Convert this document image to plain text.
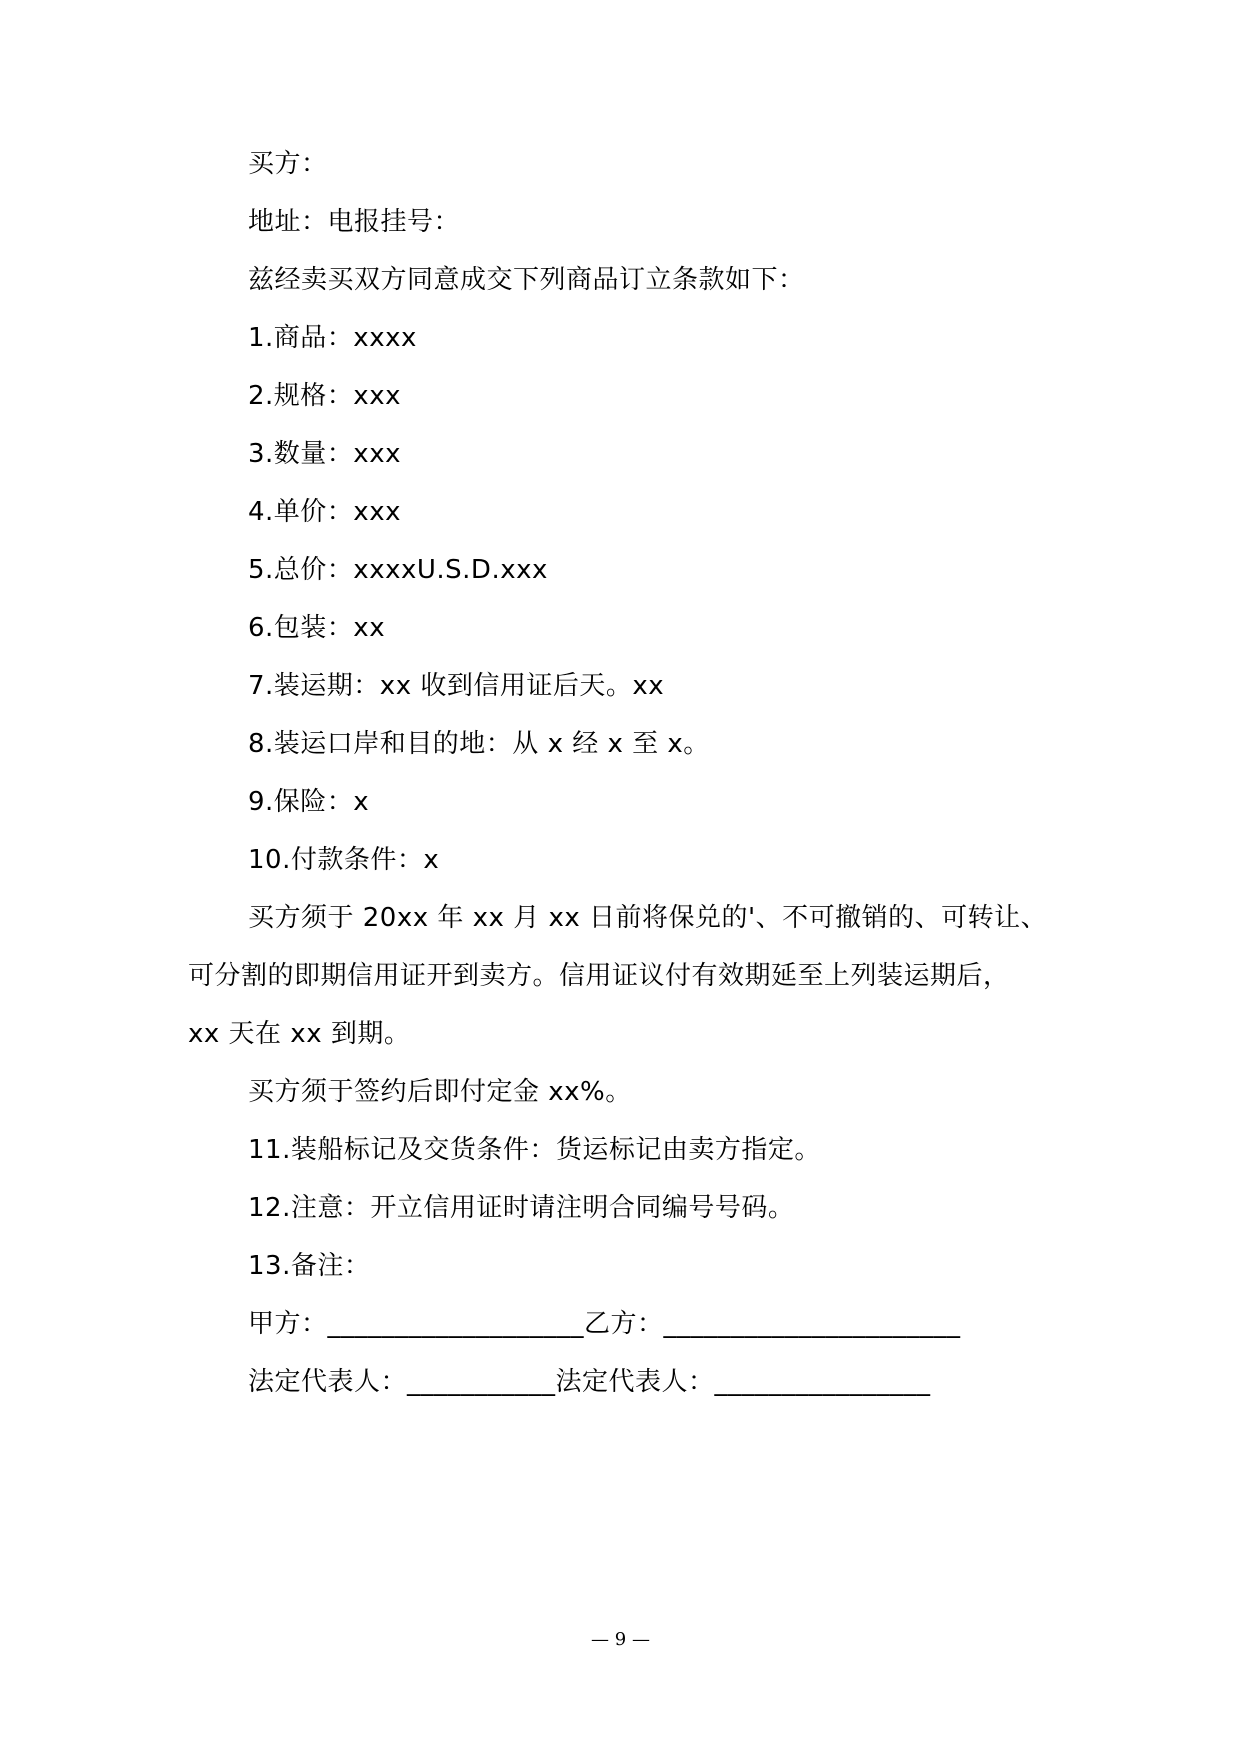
买方：
地址：电报挂号：
兹经卖买双方同意成交下列商品订立条款如下：
1.商品：xxxx
2.规格：xxx
3.数量：xxx
4.单价：xxx
5.总价：xxxxU.S.D.xxx
6.包装：xx
7.装运期：xx 收到信用证后天。xx
8.装运口岸和目的地：从 x 经 x 至 x。
9.保险：x
10.付款条件：x
买方须于 20xx 年 xx 月 xx 日前将保兑的'、不可撤销的、可转让、
可分割的即期信用证开到卖方。信用证议付有效期延至上列装运期后，
xx 天在 xx 到期。
买方须于签约后即付定金 xx%。
11.装船标记及交货条件：货运标记由卖方指定。
12.注意：开立信用证时请注明合同编号号码。
13.备注：
甲方：___________________乙方：______________________
法定代表人：___________法定代表人：________________
— 9 —
